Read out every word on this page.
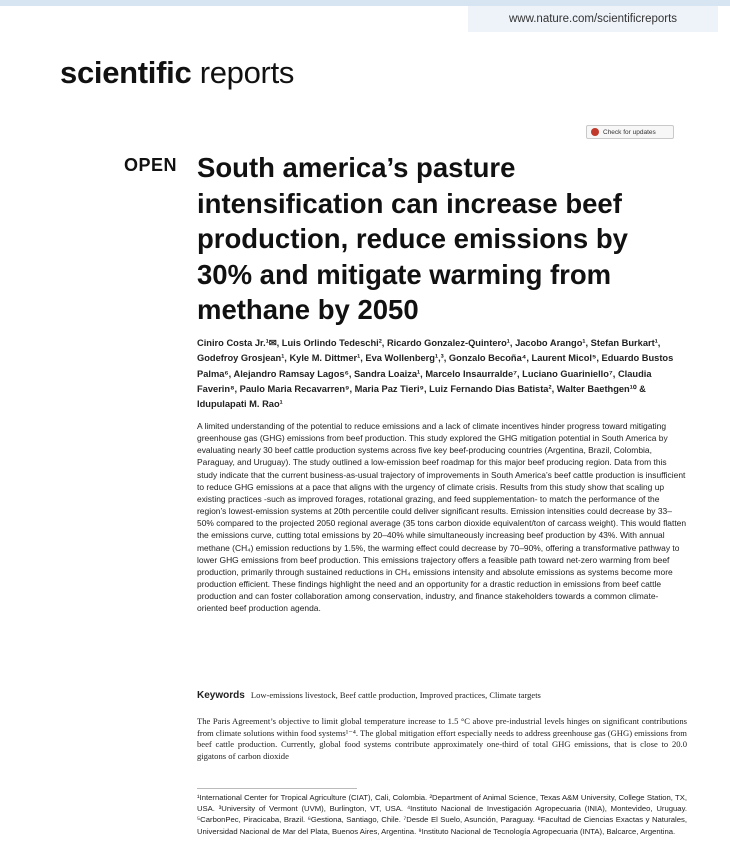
www.nature.com/scientificreports
scientific reports
Check for updates
OPEN South america’s pasture intensification can increase beef production, reduce emissions by 30% and mitigate warming from methane by 2050
Ciniro Costa Jr.¹✉, Luis Orlindo Tedeschi², Ricardo Gonzalez-Quintero¹, Jacobo Arango¹, Stefan Burkart¹, Godefroy Grosjean¹, Kyle M. Dittmer¹, Eva Wollenberg¹,³, Gonzalo Becoña⁴, Laurent Micol⁵, Eduardo Bustos Palma⁶, Alejandro Ramsay Lagos⁶, Sandra Loaiza¹, Marcelo Insaurralde⁷, Luciano Guariniello⁷, Claudia Faverin⁸, Paulo Maria Recavarren⁹, Maria Paz Tieri⁹, Luiz Fernando Dias Batista², Walter Baethgen¹⁰ & Idupulapati M. Rao¹

A limited understanding of the potential to reduce emissions and a lack of climate incentives hinder progress toward mitigating greenhouse gas (GHG) emissions from beef production. This study explored the GHG mitigation potential in South America by evaluating nearly 30 beef cattle production systems across five key beef-producing countries (Argentina, Brazil, Colombia, Paraguay, and Uruguay). The study outlined a low-emission beef roadmap for this major beef producing region. Data from this study indicate that the current business-as-usual trajectory of improvements in South America’s beef cattle production is insufficient to reduce GHG emissions at a pace that aligns with the urgency of climate crisis. Results from this study show that scaling up existing practices -such as improved forages, rotational grazing, and feed supplementation- to match the performance of the region’s lowest-emission systems at 20th percentile could deliver significant results. Emission intensities could decrease by 33–50% compared to the projected 2050 regional average (35 tons carbon dioxide equivalent/ton of carcass weight). This would flatten the emissions curve, cutting total emissions by 20–40% while simultaneously increasing beef production by 43%. With annual methane (CH₄) emission reductions by 1.5%, the warming effect could decrease by 70–90%, offering a transformative pathway to lower GHG emissions from beef production. This emissions trajectory offers a feasible path toward net-zero warming from beef production, primarily through sustained reductions in CH₄ emissions intensity and absolute emissions as systems become more production efficient. These findings highlight the need and an opportunity for a drastic reduction in emissions from beef cattle production and can foster collaboration among conservation, industry, and finance stakeholders towards a common climate-oriented beef production agenda.

Keywords Low-emissions livestock, Beef cattle production, Improved practices, Climate targets

The Paris Agreement’s objective to limit global temperature increase to 1.5 °C above pre-industrial levels hinges on significant contributions from climate solutions within food systems¹⁻⁴. The global mitigation effort especially needs to address greenhouse gas (GHG) emissions from beef cattle production. Currently, global food systems contribute approximately one-third of total GHG emissions, that is close to 20.0 gigatons of carbon dioxide

¹International Center for Tropical Agriculture (CIAT), Cali, Colombia. ²Department of Animal Science, Texas A&M University, College Station, TX, USA. ³University of Vermont (UVM), Burlington, VT, USA. ⁴Instituto Nacional de Investigación Agropecuaria (INIA), Montevideo, Uruguay. ⁵CarbonPec, Piracicaba, Brazil. ⁶Gestiona, Santiago, Chile. ⁷Desde El Suelo, Asunción, Paraguay. ⁸Facultad de Ciencias Exactas y Naturales, Universidad Nacional de Mar del Plata, Buenos Aires, Argentina. ⁹Instituto Nacional de Tecnología Agropecuaria (INTA), Balcarce, Argentina.
